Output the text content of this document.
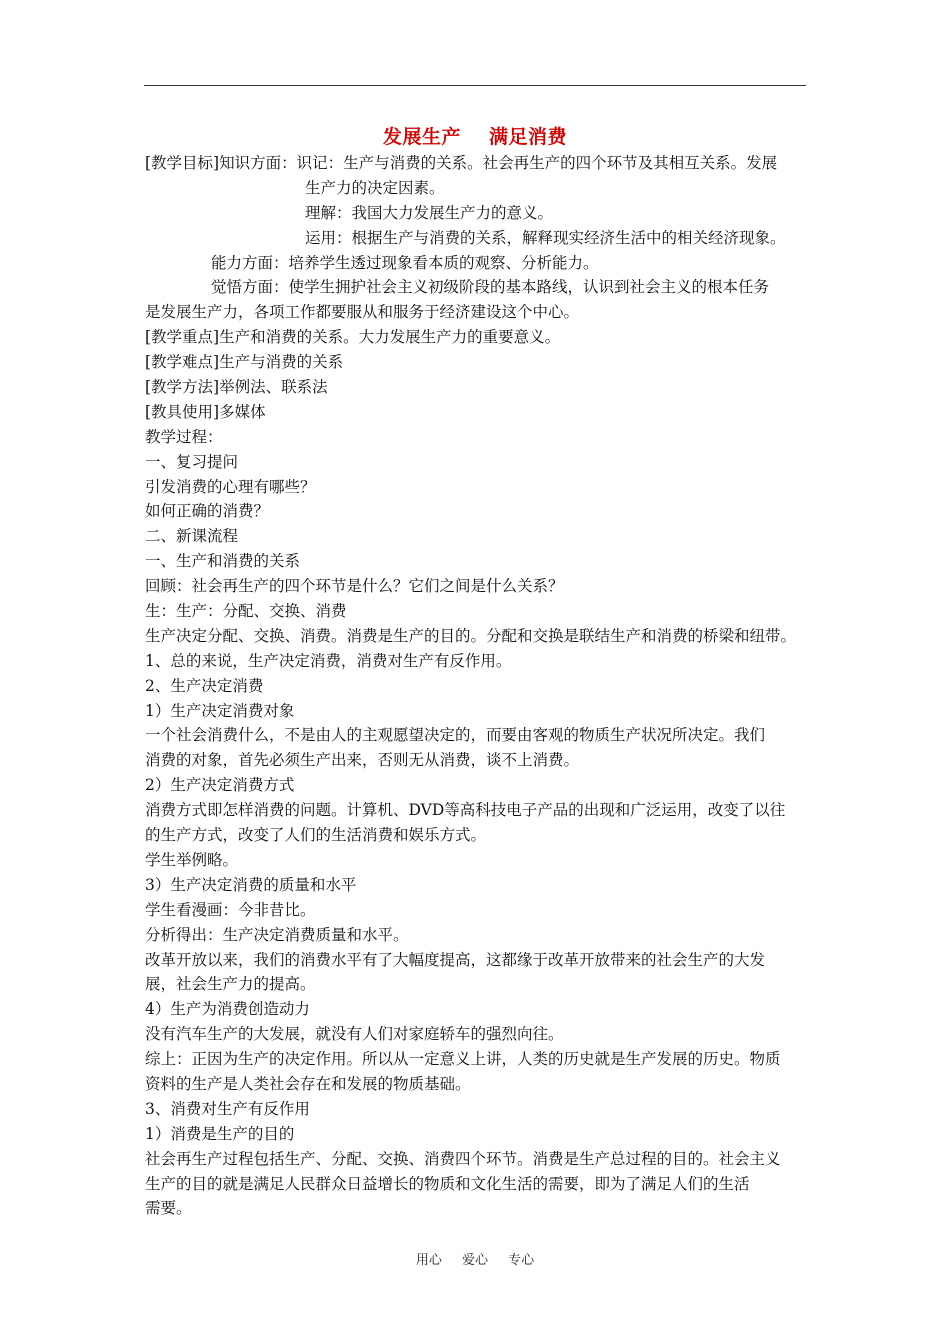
发展生产 满足消费
[教学目标]知识方面：识记：生产与消费的关系。社会再生产的四个环节及其相互关系。发展
生产力的决定因素。
理解：我国大力发展生产力的意义。
运用：根据生产与消费的关系，解释现实经济生活中的相关经济现象。
能力方面：培养学生透过现象看本质的观察、分析能力。
觉悟方面：使学生拥护社会主义初级阶段的基本路线，认识到社会主义的根本任务
是发展生产力，各项工作都要服从和服务于经济建设这个中心。
[教学重点]生产和消费的关系。大力发展生产力的重要意义。
[教学难点]生产与消费的关系
[教学方法]举例法、联系法
[教具使用]多媒体
教学过程：
一、复习提问
引发消费的心理有哪些？
如何正确的消费？
二、新课流程
一、生产和消费的关系
回顾：社会再生产的四个环节是什么？它们之间是什么关系？
生：生产：分配、交换、消费
生产决定分配、交换、消费。消费是生产的目的。分配和交换是联结生产和消费的桥梁和纽带。
1、总的来说，生产决定消费，消费对生产有反作用。
2、生产决定消费
1）生产决定消费对象
一个社会消费什么，不是由人的主观愿望决定的，而要由客观的物质生产状况所决定。我们
消费的对象，首先必须生产出来，否则无从消费，谈不上消费。
2）生产决定消费方式
消费方式即怎样消费的问题。计算机、DVD等高科技电子产品的出现和广泛运用，改变了以往
的生产方式，改变了人们的生活消费和娱乐方式。
学生举例略。
3）生产决定消费的质量和水平
学生看漫画：今非昔比。
分析得出：生产决定消费质量和水平。
改革开放以来，我们的消费水平有了大幅度提高，这都缘于改革开放带来的社会生产的大发
展，社会生产力的提高。
4）生产为消费创造动力
没有汽车生产的大发展，就没有人们对家庭轿车的强烈向往。
综上：正因为生产的决定作用。所以从一定意义上讲，人类的历史就是生产发展的历史。物质
资料的生产是人类社会存在和发展的物质基础。
3、消费对生产有反作用
1）消费是生产的目的
社会再生产过程包括生产、分配、交换、消费四个环节。消费是生产总过程的目的。社会主义
生产的目的就是满足人民群众日益增长的物质和文化生活的需要，即为了满足人们的生活
需要。
用心 爱心 专心
